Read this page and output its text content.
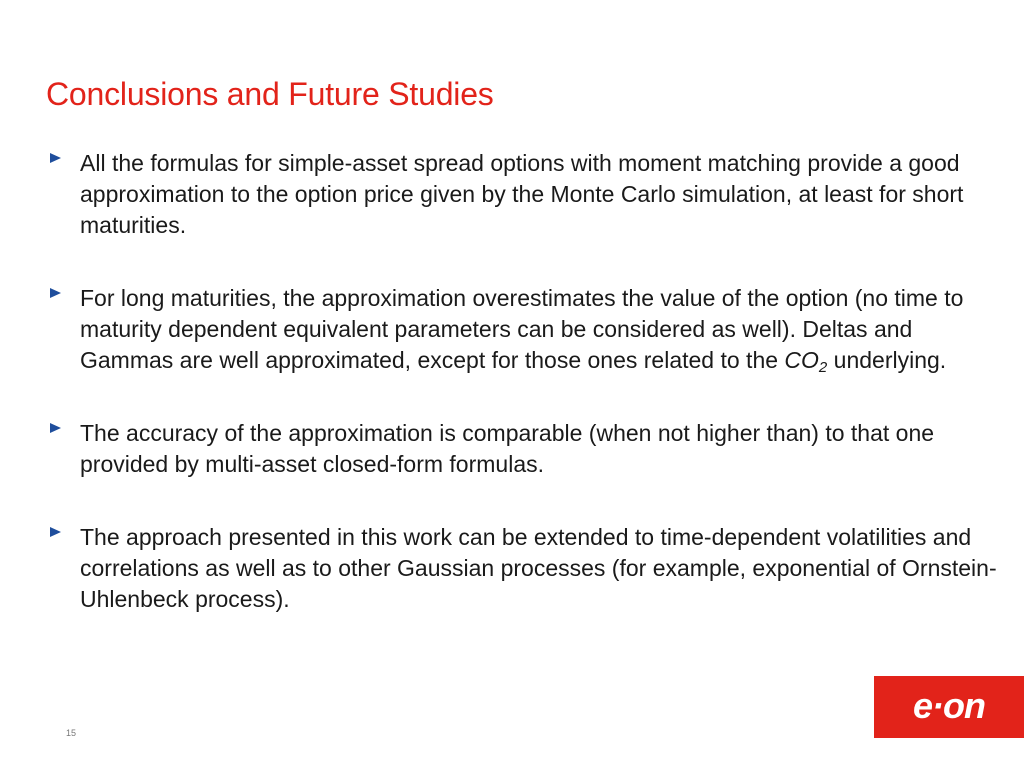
Conclusions and Future Studies
All the formulas for simple-asset spread options with moment matching provide a good approximation to the option price given by the Monte Carlo simulation, at least for short maturities.
For long maturities, the approximation overestimates the value of the option (no time to maturity dependent equivalent parameters can be considered as well). Deltas and Gammas are well approximated, except for those ones related to the $CO_2$ underlying.
The accuracy of the approximation is comparable (when not higher than) to that one provided by multi-asset closed-form formulas.
The approach presented in this work can be extended to time-dependent volatilities and correlations as well as to other Gaussian processes (for example, exponential of Ornstein-Uhlenbeck process).
15
e·on
